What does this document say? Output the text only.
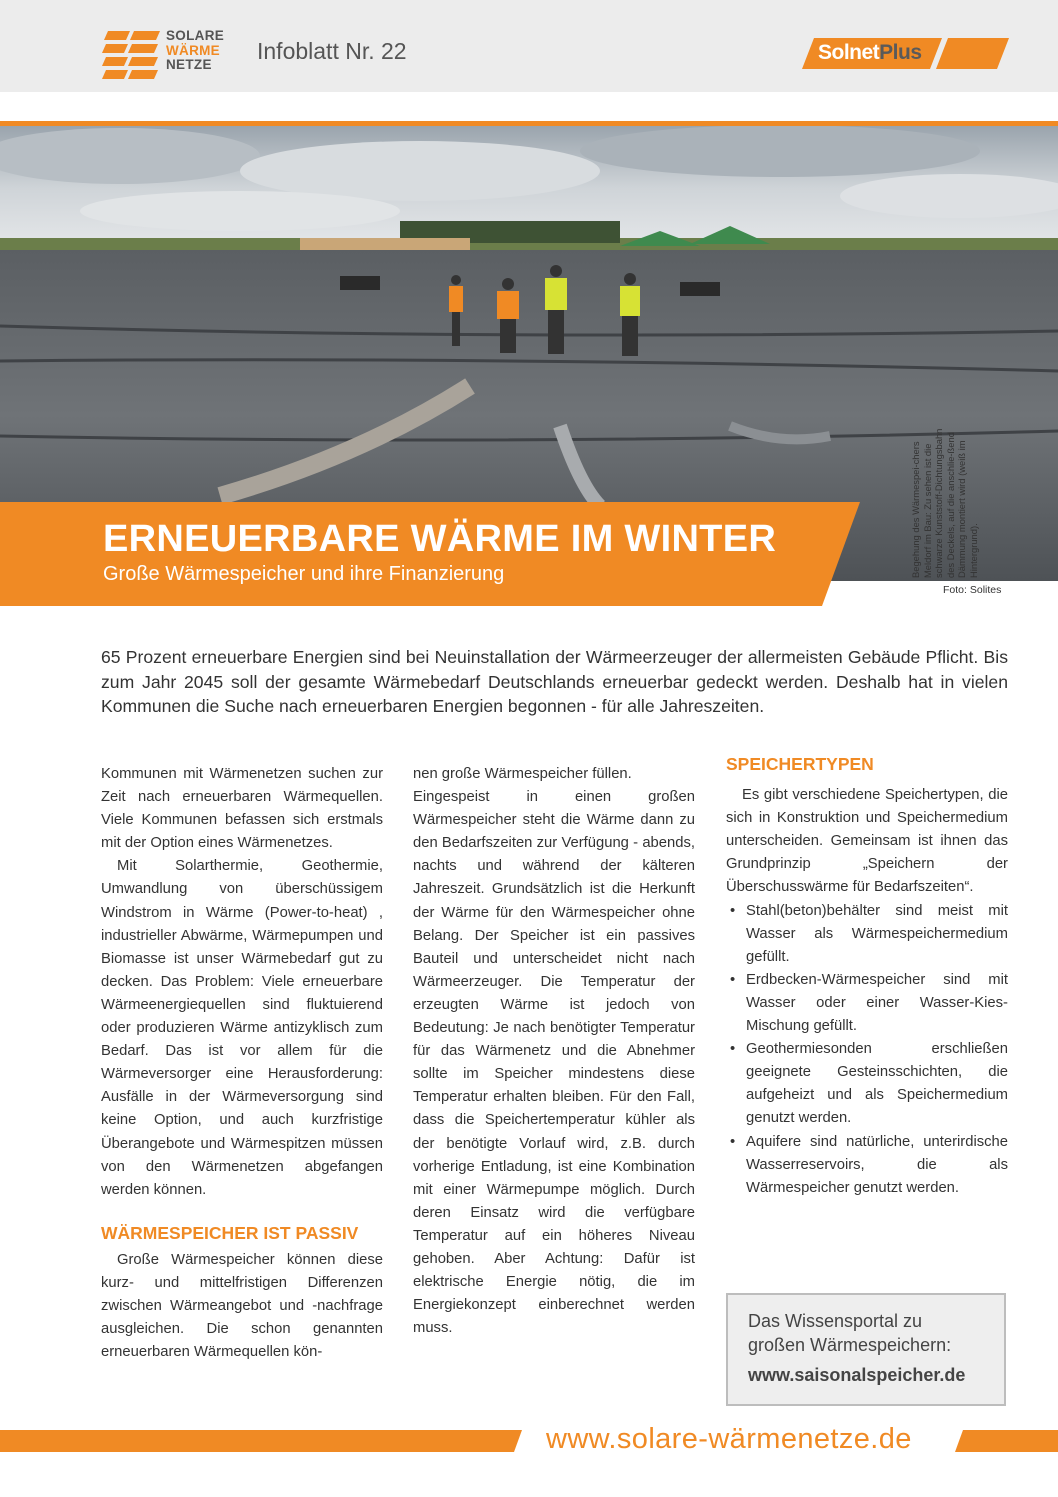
SOLARE
WÄRME
NETZE
Infoblatt Nr. 22	SolnetPlus
ERNEUERBARE WÄRME IM WINTER
Große Wärmespeicher und ihre Finanzierung	Begehung des Wärmespei-chers Meldorf im Bau: Zu sehen ist die schwarze Kunststoff-Dichtungsbahn des Deckels, auf die anschlie-ßend Dämmung montiert wird (weiß im Hintergrund).
Foto: Solites
65 Prozent erneuerbare Energien sind bei Neuinstallation der Wärmeerzeuger der allermeisten Gebäude Pflicht. Bis zum Jahr 2045 soll der gesamte Wärmebedarf Deutschlands erneuerbar gedeckt werden. Deshalb hat in vielen Kommunen die Suche nach erneuerbaren Energien begonnen - für alle Jahreszeiten.

Kommunen mit Wärmenetzen suchen zur Zeit nach erneuerbaren Wärmequellen. Viele Kommunen befassen sich erstmals mit der Option eines Wärmenetzes.

Mit Solarthermie, Geothermie, Umwandlung von überschüssigem Windstrom in Wärme (Power-to-heat) , industrieller Abwärme, Wärmepumpen und Biomasse ist unser Wärmebedarf gut zu decken. Das Problem: Viele erneuerbare Wärmeenergiequellen sind fluktuierend oder produzieren Wärme antizyklisch zum Bedarf. Das ist vor allem für die Wärmeversorger eine Herausforderung: Ausfälle in der Wärmeversorgung sind keine Option, und auch kurzfristige Überangebote und Wärmespitzen müssen von den Wärmenetzen abgefangen werden können.

WÄRMESPEICHER IST PASSIV

Große Wärmespeicher können diese kurz- und mittelfristigen Differenzen zwischen Wärmeangebot und -nachfrage ausgleichen. Die schon genannten erneuerbaren Wärmequellen kön-

nen große Wärmespeicher füllen.

Eingespeist in einen großen Wärmespeicher steht die Wärme dann zu den Bedarfszeiten zur Verfügung - abends, nachts und während der kälteren Jahreszeit. Grundsätzlich ist die Herkunft der Wärme für den Wärmespeicher ohne Belang. Der Speicher ist ein passives Bauteil und unterscheidet nicht nach Wärmeerzeuger. Die Temperatur der erzeugten Wärme ist jedoch von Bedeutung: Je nach benötigter Temperatur für das Wärmenetz und die Abnehmer sollte im Speicher mindestens diese Temperatur erhalten bleiben. Für den Fall, dass die Speichertemperatur kühler als der benötigte Vorlauf wird, z.B. durch vorherige Entladung, ist eine Kombination mit einer Wärmepumpe möglich. Durch deren Einsatz wird die verfügbare Temperatur auf ein höheres Niveau gehoben. Aber Achtung: Dafür ist elektrische Energie nötig, die im Energiekonzept einberechnet werden muss.

SPEICHERTYPEN

Es gibt verschiedene Speichertypen, die sich in Konstruktion und Speichermedium unterscheiden. Gemeinsam ist ihnen das Grundprinzip „Speichern der Überschusswärme für Bedarfszeiten“.

• Stahl(beton)behälter sind meist mit Wasser als Wärmespeichermedium gefüllt.
• Erdbecken-Wärmespeicher sind mit Wasser oder einer Wasser-Kies-Mischung gefüllt.
• Geothermiesonden erschließen geeignete Gesteinsschichten, die aufgeheizt und als Speichermedium genutzt werden.
• Aquifere sind natürliche, unterirdische Wasserreservoirs, die als Wärmespeicher genutzt werden.
Das Wissensportal zu
großen Wärmespeichern:
www.saisonalspeicher.de
www.solare-wärmenetze.de
